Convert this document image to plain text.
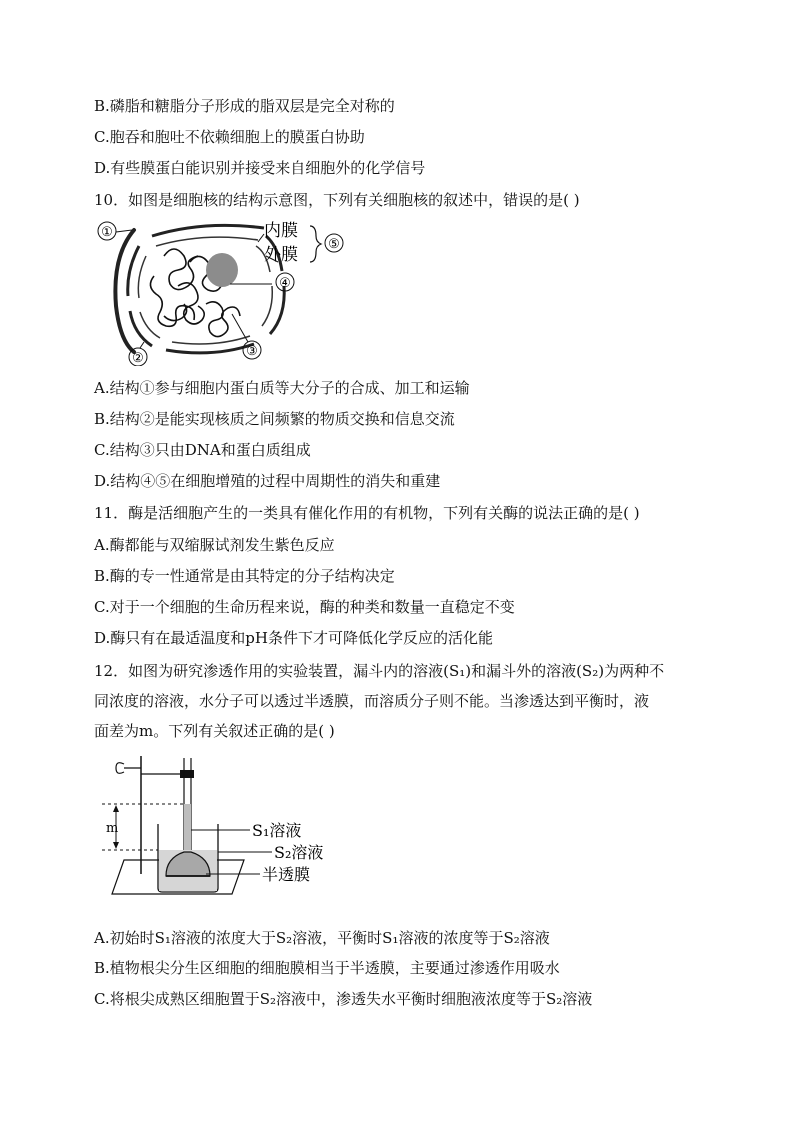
B.磷脂和糖脂分子形成的脂双层是完全对称的
C.胞吞和胞吐不依赖细胞上的膜蛋白协助
D.有些膜蛋白能识别并接受来自细胞外的化学信号
10．如图是细胞核的结构示意图，下列有关细胞核的叙述中，错误的是( )
①
④
内膜
外膜
⑤
②	③
A.结构①参与细胞内蛋白质等大分子的合成、加工和运输
B.结构②是能实现核质之间频繁的物质交换和信息交流
C.结构③只由DNA和蛋白质组成
D.结构④⑤在细胞增殖的过程中周期性的消失和重建
11．酶是活细胞产生的一类具有催化作用的有机物，下列有关酶的说法正确的是( )
A.酶都能与双缩脲试剂发生紫色反应
B.酶的专一性通常是由其特定的分子结构决定
C.对于一个细胞的生命历程来说，酶的种类和数量一直稳定不变
D.酶只有在最适温度和pH条件下才可降低化学反应的活化能
12．如图为研究渗透作用的实验装置，漏斗内的溶液(S₁)和漏斗外的溶液(S₂)为两种不
同浓度的溶液，水分子可以透过半透膜，而溶质分子则不能。当渗透达到平衡时，液
面差为m。下列有关叙述正确的是( )
m	S₁溶液
S₂溶液
半透膜
A.初始时S₁溶液的浓度大于S₂溶液，平衡时S₁溶液的浓度等于S₂溶液
B.植物根尖分生区细胞的细胞膜相当于半透膜，主要通过渗透作用吸水
C.将根尖成熟区细胞置于S₂溶液中，渗透失水平衡时细胞液浓度等于S₂溶液
